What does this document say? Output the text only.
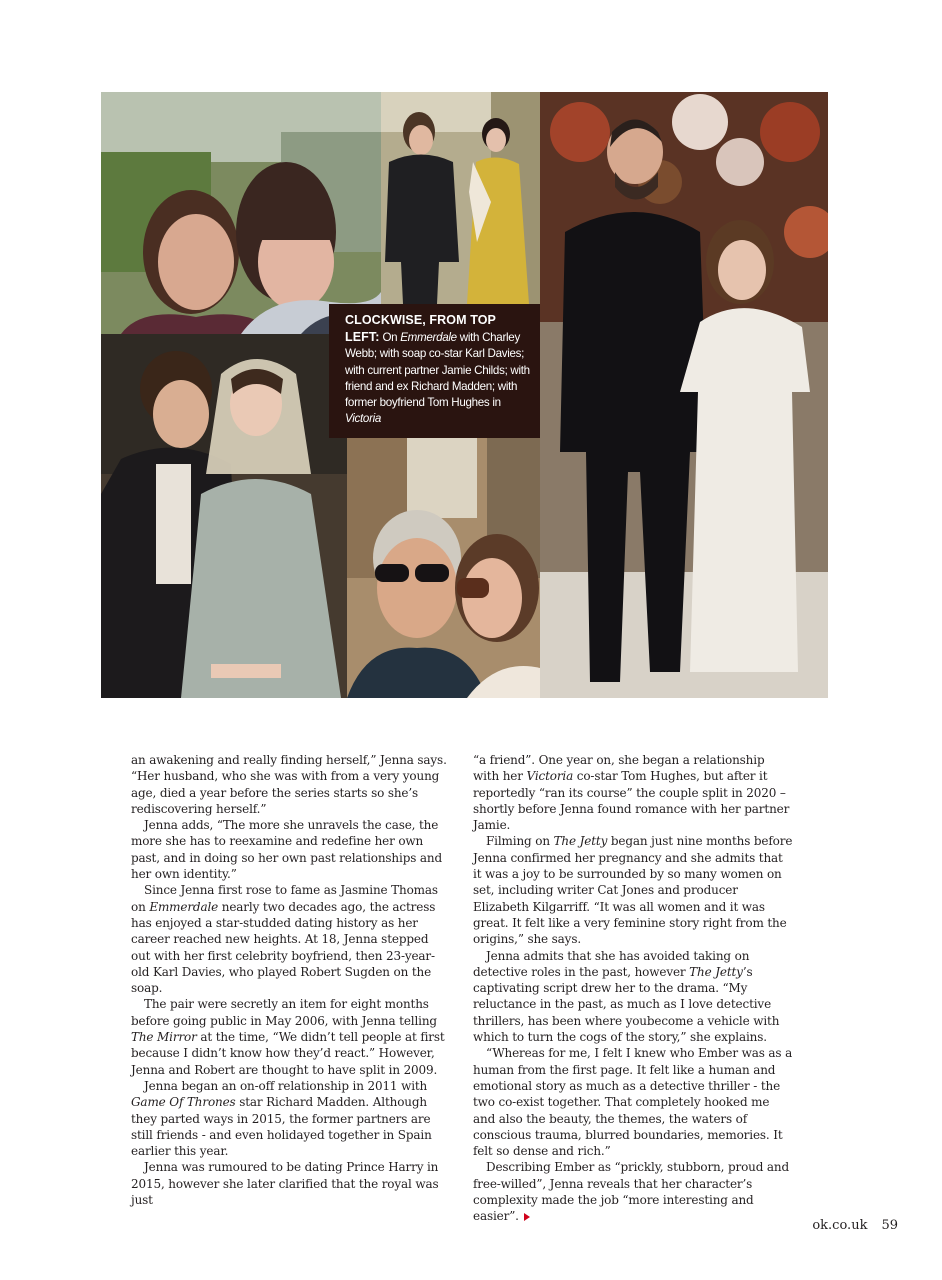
CLOCKWISE, FROM TOP LEFT: On Emmerdale with Charley Webb; with soap co-star Karl Davies; with current partner Jamie Childs; with friend and ex Richard Madden; with former boyfriend Tom Hughes in Victoria

an awakening and really finding herself,” Jenna says. “Her husband, who she was with from a very young age, died a year before the series starts so she’s rediscovering herself.”

Jenna adds, “The more she unravels the case, the more she has to reexamine and redefine her own past, and in doing so her own past relationships and her own identity.”

Since Jenna first rose to fame as Jasmine Thomas on Emmerdale nearly two decades ago, the actress has enjoyed a star-studded dating history as her career reached new heights. At 18, Jenna stepped out with her first celebrity boyfriend, then 23-year-old Karl Davies, who played Robert Sugden on the soap.

The pair were secretly an item for eight months before going public in May 2006, with Jenna telling The Mirror at the time, “We didn’t tell people at first because I didn’t know how they’d react.” However, Jenna and Robert are thought to have split in 2009.

Jenna began an on-off relationship in 2011 with Game Of Thrones star Richard Madden. Although they parted ways in 2015, the former partners are still friends - and even holidayed together in Spain earlier this year.

Jenna was rumoured to be dating Prince Harry in 2015, however she later clarified that the royal was just

“a friend”. One year on, she began a relationship with her Victoria co-star Tom Hughes, but after it reportedly “ran its course” the couple split in 2020 – shortly before Jenna found romance with her partner Jamie.

Filming on The Jetty began just nine months before Jenna confirmed her pregnancy and she admits that it was a joy to be surrounded by so many women on set, including writer Cat Jones and producer Elizabeth Kilgarriff. “It was all women and it was great. It felt like a very feminine story right from the origins,” she says.

Jenna admits that she has avoided taking on detective roles in the past, however The Jetty’s captivating script drew her to the drama. “My reluctance in the past, as much as I love detective thrillers, has been where youbecome a vehicle with which to turn the cogs of the story,” she explains.

“Whereas for me, I felt I knew who Ember was as a human from the first page. It felt like a human and emotional story as much as a detective thriller - the two co-exist together. That completely hooked me and also the beauty, the themes, the waters of conscious trauma, blurred boundaries, memories. It felt so dense and rich.”

Describing Ember as “prickly, stubborn, proud and free-willed”, Jenna reveals that her character’s complexity made the job “more interesting and easier”.

ok.co.uk 59
